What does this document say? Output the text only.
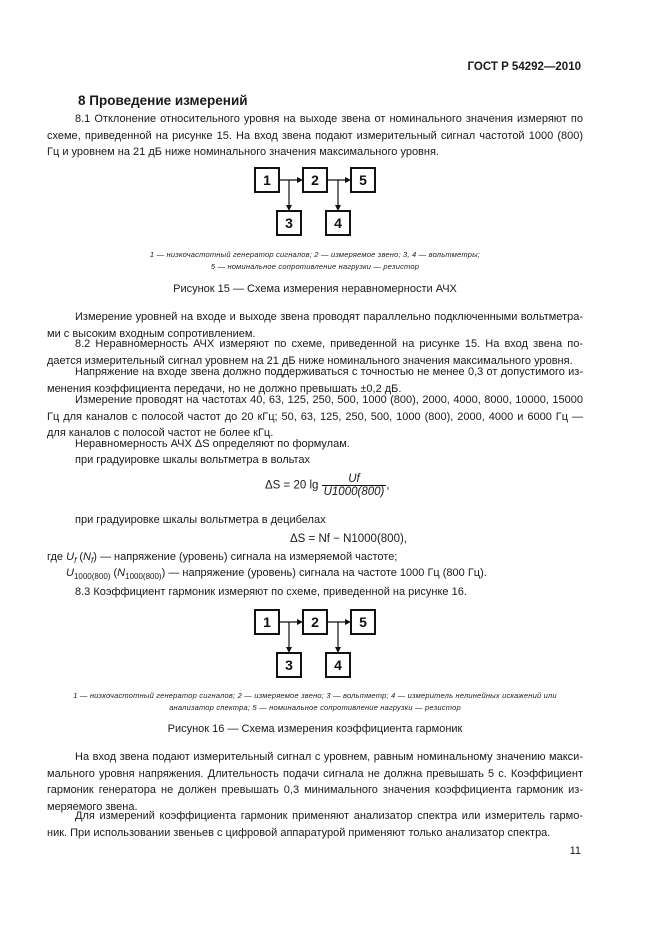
ГОСТ Р 54292—2010
8 Проведение измерений
8.1 Отклонение относительного уровня на выходе звена от номинального значения измеряют по схеме, приведенной на рисунке 15. На вход звена подают измерительный сигнал частотой 1000 (800) Гц и уровнем на 21 дБ ниже номинального значения максимального уровня.
1	2	5
3	4
1 — низкочастотный генератор сигналов; 2 — измеряемое звено; 3, 4 — вольтметры;
5 — номинальное сопротивление нагрузки — резистор
Рисунок 15 — Схема измерения неравномерности АЧХ
Измерение уровней на входе и выходе звена проводят параллельно подключенными вольтметрами с высоким входным сопротивлением.
8.2 Неравномерность АЧХ измеряют по схеме, приведенной на рисунке 15. На вход звена подается измерительный сигнал уровнем на 21 дБ ниже номинального значения максимального уровня.
Напряжение на входе звена должно поддерживаться с точностью не менее 0,3 от допустимого изменения коэффициента передачи, но не должно превышать ±0,2 дБ.
Измерение проводят на частотах 40, 63, 125, 250, 500, 1000 (800), 2000, 4000, 8000, 10000, 15000 Гц для каналов с полосой частот до 20 кГц; 50, 63, 125, 250, 500, 1000 (800), 2000, 4000 и 6000 Гц — для каналов с полосой частот не более кГц.
Неравномерность АЧХ ΔS определяют по формулам.
при градуировке шкалы вольтметра в вольтах
ΔS = 20 $\lg \frac{Uf}{U1000(800)}$ ,
при градуировке шкалы вольтметра в децибелах
ΔS = Nf − N1000(800),
где $U_f$ $(N_f)$ — напряжение (уровень) сигнала на измеряемой частоте;
$U_{1000(800)}$ $(N_{1000(800)})$ — напряжение (уровень) сигнала на частоте 1000 Гц (800 Гц).
8.3 Коэффициент гармоник измеряют по схеме, приведенной на рисунке 16.
1	2	5
3	4
1 — низкочастотный генератор сигналов; 2 — измеряемое звено; 3 — вольтметр; 4 — измеритель нелинейных искажений или
анализатор спектра; 5 — номинальное сопротивление нагрузки — резистор
Рисунок 16 — Схема измерения коэффициента гармоник
На вход звена подают измерительный сигнал с уровнем, равным номинальному значению максимального уровня напряжения. Длительность подачи сигнала не должна превышать 5 с. Коэффициент гармоник генератора не должен превышать 0,3 минимального значения коэффициента гармоник измеряемого звена.
Для измерений коэффициента гармоник применяют анализатор спектра или измеритель гармоник. При использовании звеньев с цифровой аппаратурой применяют только анализатор спектра.
11
